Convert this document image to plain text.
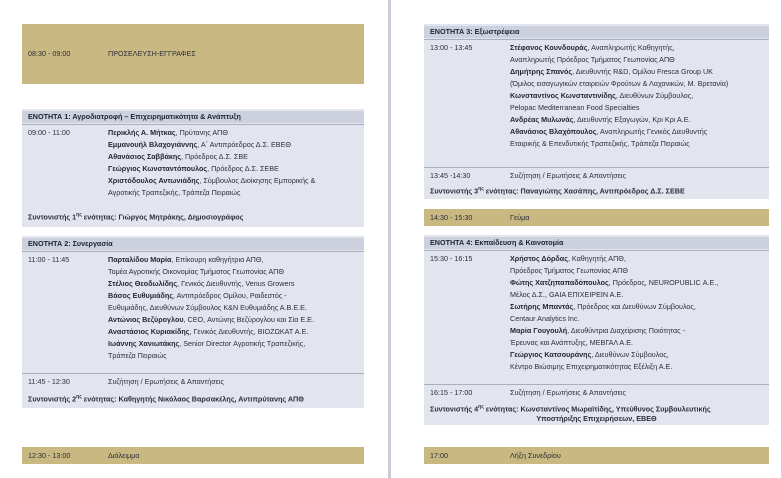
08:30 - 09:00	ΠΡΟΣΕΛΕΥΣΗ-ΕΓΓΡΑΦΕΣ
ΕΝΟΤΗΤΑ 1: Αγροδιατροφή – Επιχειρηματικότητα & Ανάπτυξη
09:00 - 11:00	Περικλής Α. Μήτκας, Πρύτανης ΑΠΘ
Εμμανουήλ Βλαχογιάννης, Α΄ Αντιπρόεδρος Δ.Σ. ΕΒΕΘ
Αθανάσιος Σαββάκης, Πρόεδρος Δ.Σ. ΣΒΕ
Γεώργιος Κωνσταντόπουλος, Πρόεδρος Δ.Σ. ΣΕΒΕ
Χριστόδουλος Αντωνιάδης, Σύμβουλος Διοίκησης Εμπορικής &
Αγροτικής Τραπεζικής, Τράπεζα Πειραιώς
Συντονιστής $1^{\eta\varsigma}$ ενότητας: Γιώργος Μητράκης, Δημοσιογράφος
ΕΝΟΤΗΤΑ 2: Συνεργασία
11:00 - 11:45	Παρταλίδου Μαρία, Επίκουρη καθηγήτρια ΑΠΘ,
Τομέα Αγροτικής Οικονομίας Τμήματος Γεωπονίας ΑΠΘ
Στέλιος Θεοδωλίδης, Γενικός Διευθυντής, Venus Growers
Βάσος Ευθυμιάδης, Αντιπρόεδρος Ομίλου, Ραιδεστός -
Ευθυμιάδης, Διευθύνων Σύμβουλος K&N Ευθυμιάδης Α.Β.Ε.Ε.
Αντώνιος Βεζύρογλου, CEO, Αντώνης Βεζύρογλου και Σία Ε.Ε.
Αναστάσιος Κυριακίδης, Γενικός Διευθυντής, ΒΙΟΖΩΚΑΤ Α.Ε.
Ιωάννης Χανιωτάκης, Senior Director Αγροτικής Τραπεζικής,
Τράπεζα Πειραιώς
11:45 - 12:30	Συζήτηση / Ερωτήσεις & Απαντήσεις
Συντονιστής $2^{\eta\varsigma}$ ενότητας: Καθηγητής Νικόλαος Βαρσακέλης, Αντιπρύτανης ΑΠΘ
12:30 - 13:00	Διάλειμμα
ΕΝΟΤΗΤΑ 3: Εξωστρέφεια
13:00 - 13:45	Στέφανος Κουνδουράς, Αναπληρωτής Καθηγητής,
Αναπληρωτής Πρόεδρος Τμήματος Γεωπονίας ΑΠΘ
Δημήτρης Σπανός, Διευθυντής R&D, Ομίλου Fresca Group UK
(Όμιλος εισαγωγικών εταιρειών Φρούτων & Λαχανικών, Μ. Βρετανία)
Κωνσταντίνος Κωνσταντινίδης, Διευθύνων Σύμβουλος,
Pelopac Mediterranean Food Specialties
Ανδρέας Μυλωνάς, Διευθυντής Εξαγωγών, Κρι Κρι Α.Ε.
Αθανάσιος Βλαχόπουλος, Αναπληρωτής Γενικός Διευθυντής
Εταιρικής & Επενδυτικής Τραπεζικής, Τράπεζα Πειραιώς
13:45 -14:30	Συζήτηση / Ερωτήσεις & Απαντήσεις
Συντονιστής $3^{\eta\varsigma}$ ενότητας: Παναγιώτης Χασάπης, Αντιπρόεδρος Δ.Σ. ΣΕΒΕ
14:30 - 15:30	Γεύμα
ΕΝΟΤΗΤΑ 4: Εκπαίδευση & Καινοτομία
15:30 - 16:15	Χρήστος Δόρδας, Καθηγητής ΑΠΘ,
Πρόεδρος Τμήματος Γεωπονίας ΑΠΘ
Φώτης Χατζηπαπαδόπουλος, Πρόεδρος, NEUROPUBLIC Α.Ε.,
Μέλος Δ.Σ., GAIA ΕΠΙΧΕΙΡΕΙΝ Α.Ε.
Σωτήρης Μπαντάς, Πρόεδρος και Διευθύνων Σύμβουλος,
Centaur Analytics Inc.
Μαρία Γουγουλή, Διευθύντρια Διαχείρισης Ποιότητας -
Έρευνας και Ανάπτυξης, ΜΕΒΓΑΛ Α.Ε.
Γεώργιος Κατσουράνης, Διευθύνων Σύμβουλος,
Κέντρο Βιώσιμης Επιχειρηματικότητας Εξέλιξη Α.Ε.
16:15 - 17:00	Συζήτηση / Ερωτήσεις & Απαντήσεις
Συντονιστής $4^{\eta\varsigma}$ ενότητας: Κωνσταντίνος Μωραϊτίδης, Υπεύθυνος Συμβουλευτικής
Υποστήριξης Επιχειρήσεων, ΕΒΕΘ
17:00	Λήξη Συνεδρίου
